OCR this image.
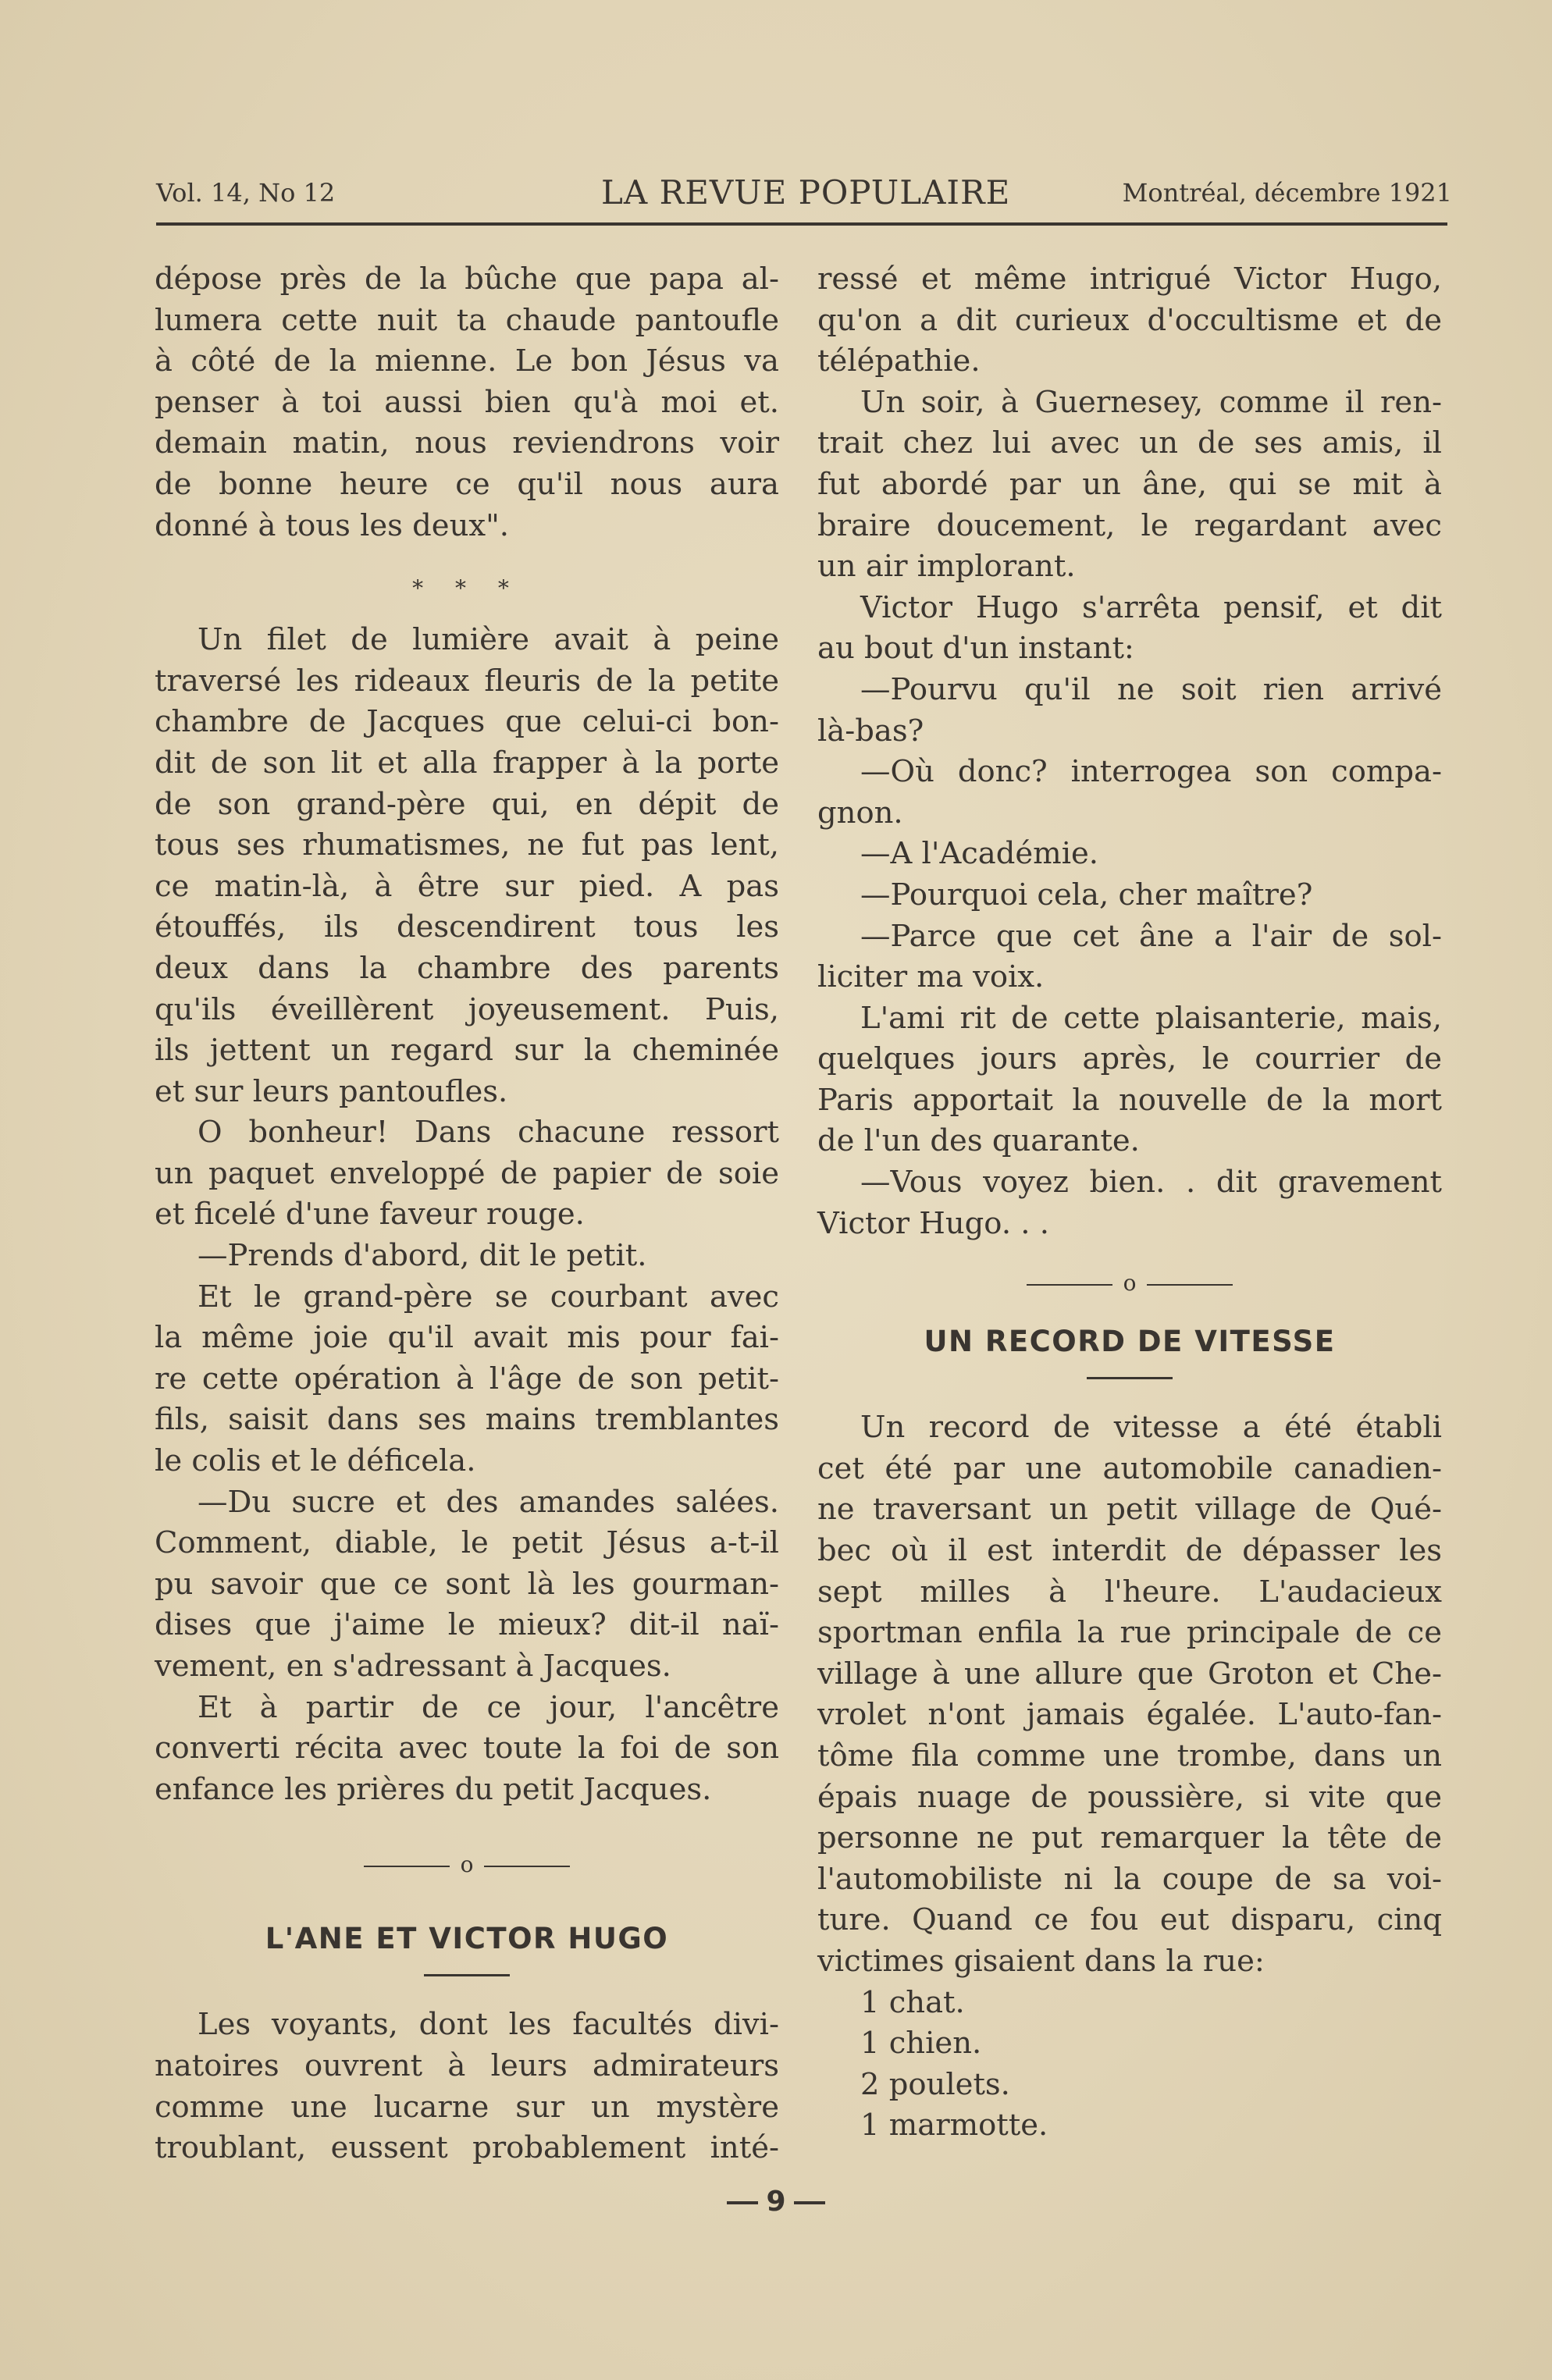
Vol. 14, No 12	LA REVUE POPULAIRE	Montréal, décembre 1921
dépose près de la bûche que papa al-
lumera cette nuit ta chaude pantoufle
à côté de la mienne. Le bon Jésus va
penser à toi aussi bien qu'à moi et.
demain matin, nous reviendrons voir
de bonne heure ce qu'il nous aura
donné à tous les deux".
* * *
Un filet de lumière avait à peine
traversé les rideaux fleuris de la petite
chambre de Jacques que celui-ci bon-
dit de son lit et alla frapper à la porte
de son grand-père qui, en dépit de
tous ses rhumatismes, ne fut pas lent,
ce matin-là, à être sur pied. A pas
étouffés, ils descendirent tous les
deux dans la chambre des parents
qu'ils éveillèrent joyeusement. Puis,
ils jettent un regard sur la cheminée
et sur leurs pantoufles.
O bonheur! Dans chacune ressort
un paquet enveloppé de papier de soie
et ficelé d'une faveur rouge.
—Prends d'abord, dit le petit.
Et le grand-père se courbant avec
la même joie qu'il avait mis pour fai-
re cette opération à l'âge de son petit-
fils, saisit dans ses mains tremblantes
le colis et le déficela.
—Du sucre et des amandes salées.
Comment, diable, le petit Jésus a-t-il
pu savoir que ce sont là les gourman-
dises que j'aime le mieux? dit-il naï-
vement, en s'adressant à Jacques.
Et à partir de ce jour, l'ancêtre
converti récita avec toute la foi de son
enfance les prières du petit Jacques.
o
L'ANE ET VICTOR HUGO
Les voyants, dont les facultés divi-
natoires ouvrent à leurs admirateurs
comme une lucarne sur un mystère
troublant, eussent probablement inté-
ressé et même intrigué Victor Hugo,
qu'on a dit curieux d'occultisme et de
télépathie.
Un soir, à Guernesey, comme il ren-
trait chez lui avec un de ses amis, il
fut abordé par un âne, qui se mit à
braire doucement, le regardant avec
un air implorant.
Victor Hugo s'arrêta pensif, et dit
au bout d'un instant:
—Pourvu qu'il ne soit rien arrivé
là-bas?
—Où donc? interrogea son compa-
gnon.
—A l'Académie.
—Pourquoi cela, cher maître?
—Parce que cet âne a l'air de sol-
liciter ma voix.
L'ami rit de cette plaisanterie, mais,
quelques jours après, le courrier de
Paris apportait la nouvelle de la mort
de l'un des quarante.
—Vous voyez bien. . dit gravement
Victor Hugo. . .
o
UN RECORD DE VITESSE
Un record de vitesse a été établi
cet été par une automobile canadien-
ne traversant un petit village de Qué-
bec où il est interdit de dépasser les
sept milles à l'heure. L'audacieux
sportman enfila la rue principale de ce
village à une allure que Groton et Che-
vrolet n'ont jamais égalée. L'auto-fan-
tôme fila comme une trombe, dans un
épais nuage de poussière, si vite que
personne ne put remarquer la tête de
l'automobiliste ni la coupe de sa voi-
ture. Quand ce fou eut disparu, cinq
victimes gisaient dans la rue:
1 chat.
1 chien.
2 poulets.
1 marmotte.
9
